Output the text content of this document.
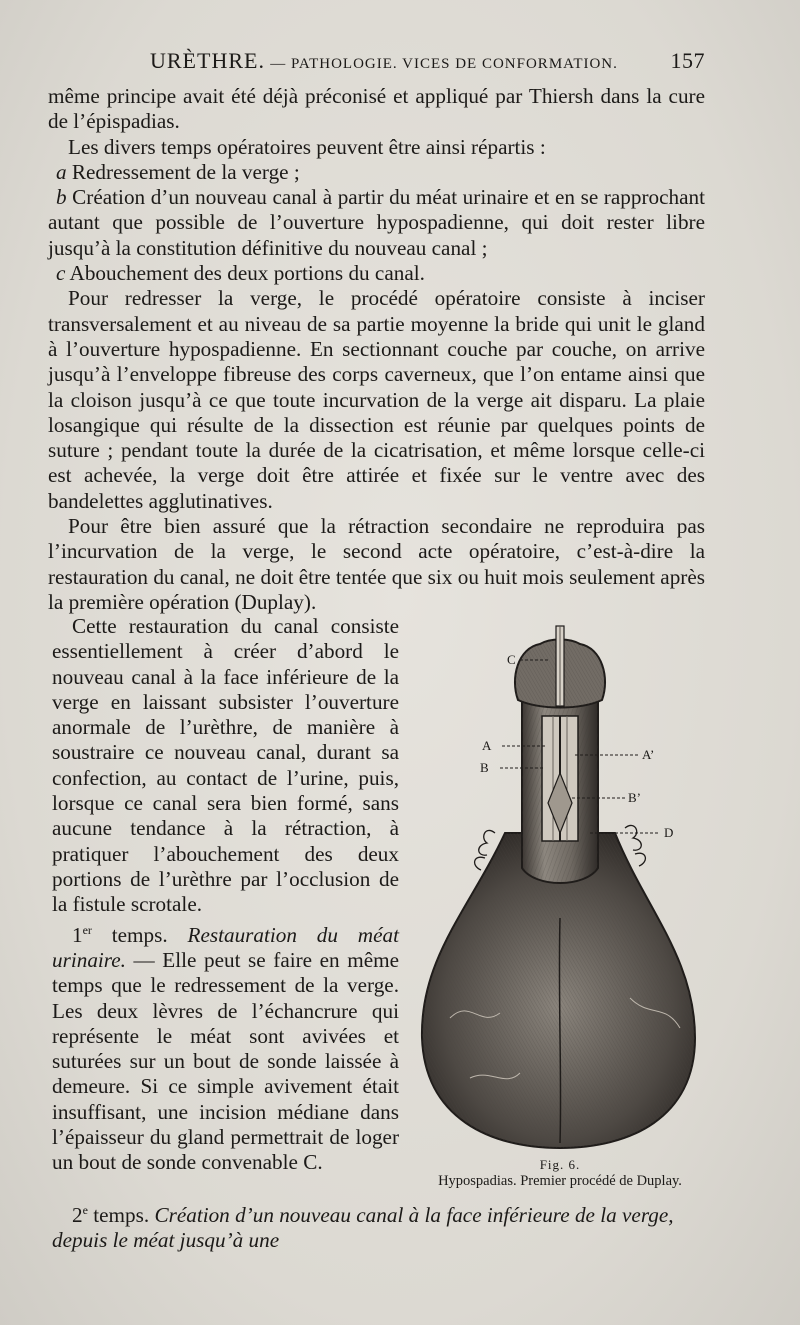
URÈTHRE. — PATHOLOGIE. VICES DE CONFORMATION. 157

même principe avait été déjà préconisé et appliqué par Thiersh dans la cure de l’épispadias.

Les divers temps opératoires peuvent être ainsi répartis :

a Redressement de la verge ;

b Création d’un nouveau canal à partir du méat urinaire et en se rapprochant autant que possible de l’ouverture hypospadienne, qui doit rester libre jusqu’à la constitution définitive du nouveau canal ;

c Abouchement des deux portions du canal.

Pour redresser la verge, le procédé opératoire consiste à inciser transversalement et au niveau de sa partie moyenne la bride qui unit le gland à l’ouverture hypospadienne. En sectionnant couche par couche, on arrive jusqu’à l’enveloppe fibreuse des corps caverneux, que l’on entame ainsi que la cloison jusqu’à ce que toute incurvation de la verge ait disparu. La plaie losangique qui résulte de la dissection est réunie par quelques points de suture ; pendant toute la durée de la cicatrisation, et même lorsque celle-ci est achevée, la verge doit être attirée et fixée sur le ventre avec des bandelettes agglutinatives.

Pour être bien assuré que la rétraction secondaire ne reproduira pas l’incurvation de la verge, le second acte opératoire, c’est-à-dire la restauration du canal, ne doit être tentée que six ou huit mois seulement après la première opération (Duplay).

Cette restauration du canal consiste essentiellement à créer d’abord le nouveau canal à la face inférieure de la verge en laissant subsister l’ouverture anormale de l’urèthre, de manière à soustraire ce nouveau canal, durant sa confection, au contact de l’urine, puis, lorsque ce canal sera bien formé, sans aucune tendance à la rétraction, à pratiquer l’abouchement des deux portions de l’urèthre par l’occlusion de la fistule scrotale.

1er temps. Restauration du méat urinaire. — Elle peut se faire en même temps que le redressement de la verge. Les deux lèvres de l’échancrure qui représente le méat sont avivées et suturées sur un bout de sonde laissée à demeure. Si ce simple avivement était insuffisant, une incision médiane dans l’épaisseur du gland permettrait de loger un bout de sonde convenable C.

2e temps. Création d’un nouveau canal à la face inférieure de la verge, depuis le méat jusqu’à une

C
A
A’
B
B’
D
Fig. 6.
Hypospadias. Premier procédé de Duplay.
